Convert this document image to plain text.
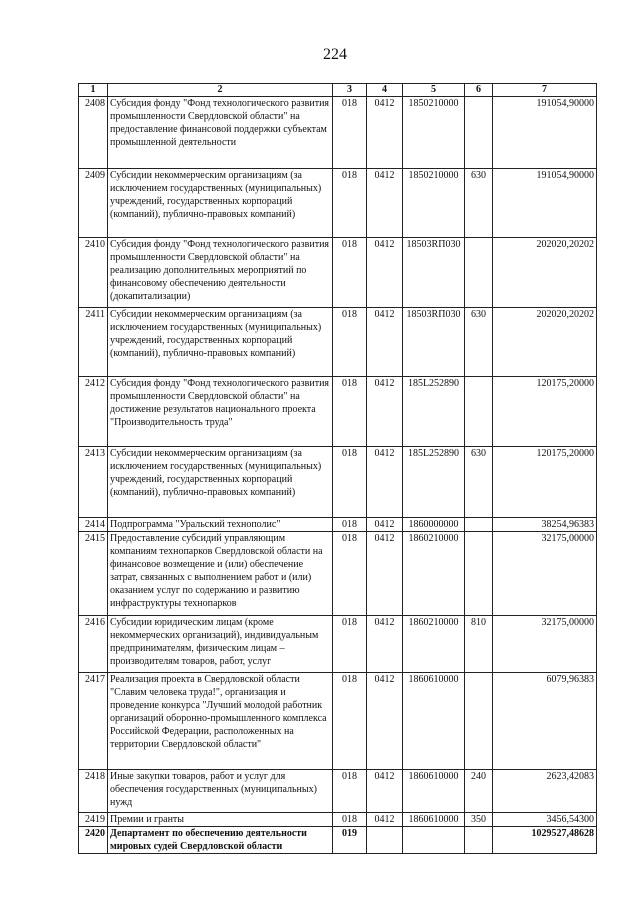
224
1	2	3	4	5	6	7
2408	Субсидия фонду "Фонд технологического развития промышленности Свердловской области" на предоставление финансовой поддержки субъектам промышленной деятельности	018	0412	1850210000		191054,90000
2409	Субсидии некоммерческим организациям (за исключением государственных (муниципальных) учреждений, государственных корпораций (компаний), публично-правовых компаний)	018	0412	1850210000	630	191054,90000
2410	Субсидия фонду "Фонд технологического развития промышленности Свердловской области" на реализацию дополнительных мероприятий по финансовому обеспечению деятельности (докапитализации)	018	0412	18503RП030		202020,20202
2411	Субсидии некоммерческим организациям (за исключением государственных (муниципальных) учреждений, государственных корпораций (компаний), публично-правовых компаний)	018	0412	18503RП030	630	202020,20202
2412	Субсидия фонду "Фонд технологического развития промышленности Свердловской области" на достижение результатов национального проекта "Производительность труда"	018	0412	185L252890		120175,20000
2413	Субсидии некоммерческим организациям (за исключением государственных (муниципальных) учреждений, государственных корпораций (компаний), публично-правовых компаний)	018	0412	185L252890	630	120175,20000
2414	Подпрограмма "Уральский технополис"	018	0412	1860000000		38254,96383
2415	Предоставление субсидий управляющим компаниям технопарков Свердловской области на финансовое возмещение и (или) обеспечение затрат, связанных с выполнением работ и (или) оказанием услуг по содержанию и развитию инфраструктуры технопарков	018	0412	1860210000		32175,00000
2416	Субсидии юридическим лицам (кроме некоммерческих организаций), индивидуальным предпринимателям, физическим лицам – производителям товаров, работ, услуг	018	0412	1860210000	810	32175,00000
2417	Реализация проекта в Свердловской области "Славим человека труда!", организация и проведение конкурса "Лучший молодой работник организаций оборонно-промышленного комплекса Российской Федерации, расположенных на территории Свердловской области"	018	0412	1860610000		6079,96383
2418	Иные закупки товаров, работ и услуг для обеспечения государственных (муниципальных) нужд	018	0412	1860610000	240	2623,42083
2419	Премии и гранты	018	0412	1860610000	350	3456,54300
2420	Департамент по обеспечению деятельности мировых судей Свердловской области	019				1029527,48628
